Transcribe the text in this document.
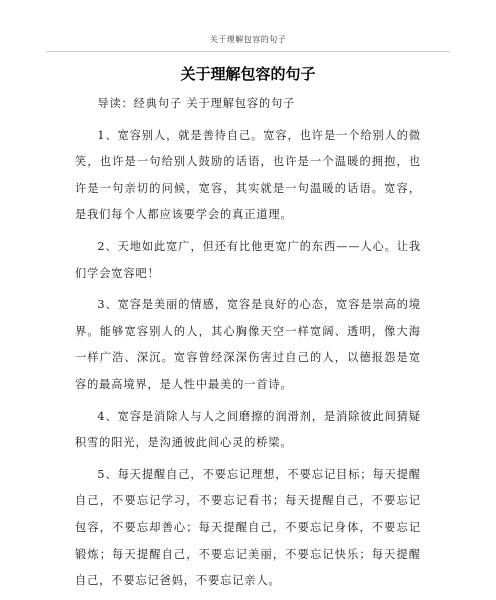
关于理解包容的句子
关于理解包容的句子

导读：经典句子 关于理解包容的句子

1、宽容别人，就是善待自己。宽容，也许是一个给别人的微笑，也许是一句给别人鼓励的话语，也许是一个温暖的拥抱，也许是一句亲切的问候，宽容，其实就是一句温暖的话语。宽容，是我们每个人都应该要学会的真正道理。

2、天地如此宽广，但还有比他更宽广的东西——人心。让我们学会宽容吧！

3、宽容是美丽的情感，宽容是良好的心态，宽容是崇高的境界。能够宽容别人的人，其心胸像天空一样宽阔、透明，像大海一样广浩、深沉。宽容曾经深深伤害过自己的人，以德报怨是宽容的最高境界，是人性中最美的一首诗。

4、宽容是消除人与人之间磨擦的润滑剂，是消除彼此间猜疑积雪的阳光，是沟通彼此间心灵的桥梁。

5、每天提醒自己，不要忘记理想，不要忘记目标；每天提醒自己，不要忘记学习，不要忘记看书；每天提醒自己，不要忘记包容，不要忘却善心；每天提醒自己，不要忘记身体，不要忘记锻炼；每天提醒自己，不要忘记美丽，不要忘记快乐；每天提醒自己，不要忘记爸妈，不要忘记亲人。
